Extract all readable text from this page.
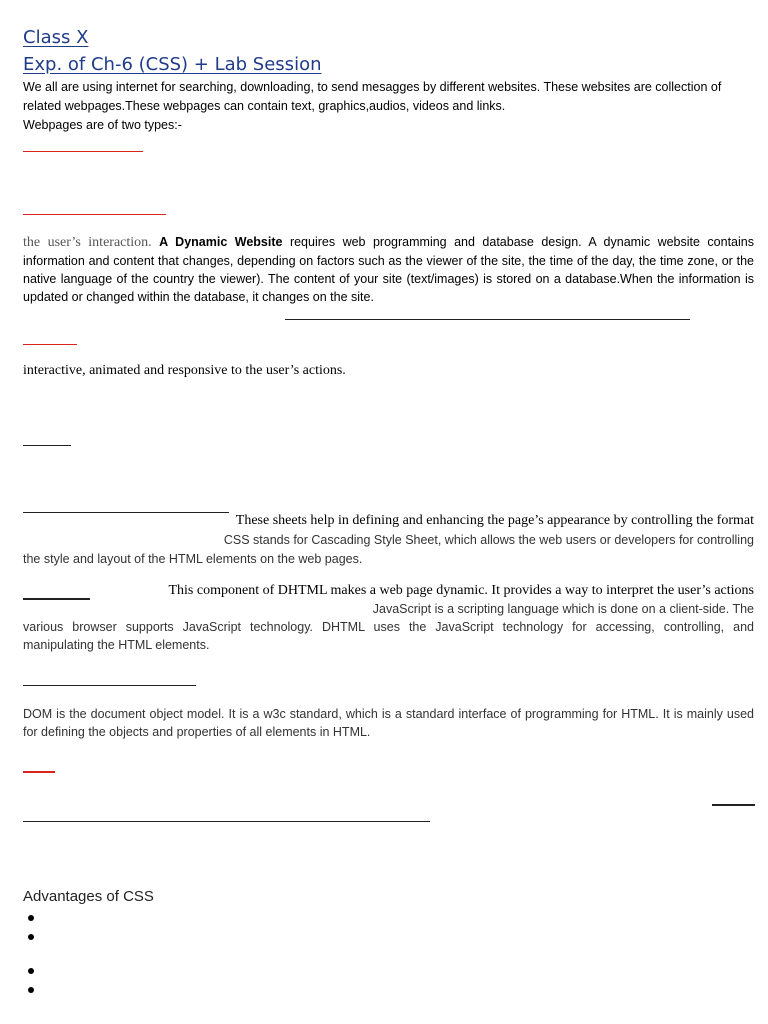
Class X
Exp. of Ch-6 (CSS) + Lab Session
We all are using internet for searching, downloading, to send mesagges by different websites. These websites are collection of
related webpages.These webpages can contain text, graphics,audios, videos and links.
Webpages are of two types:-
the user’s interaction. A Dynamic Website requires web programming and database design. A dynamic website contains information and content that changes, depending on factors such as the viewer of the site, the time of the day, the time zone, or the native language of the country the viewer). The content of your site (text/images) is stored on a database.When the information is updated or changed within the database, it changes on the site.
interactive, animated and responsive to the user’s actions.
These sheets help in defining and enhancing the page’s appearance by controlling the format
CSS stands for Cascading Style Sheet, which allows the web users or developers for controlling
the style and layout of the HTML elements on the web pages.
This component of DHTML makes a web page dynamic. It provides a way to interpret the user’s actions
JavaScript is a scripting language which is done on a client-side. The
various browser supports JavaScript technology. DHTML uses the JavaScript technology for accessing, controlling, and manipulating the HTML elements.
DOM is the document object model. It is a w3c standard, which is a standard interface of programming for HTML. It is mainly used for defining the objects and properties of all elements in HTML.
Advantages of CSS
